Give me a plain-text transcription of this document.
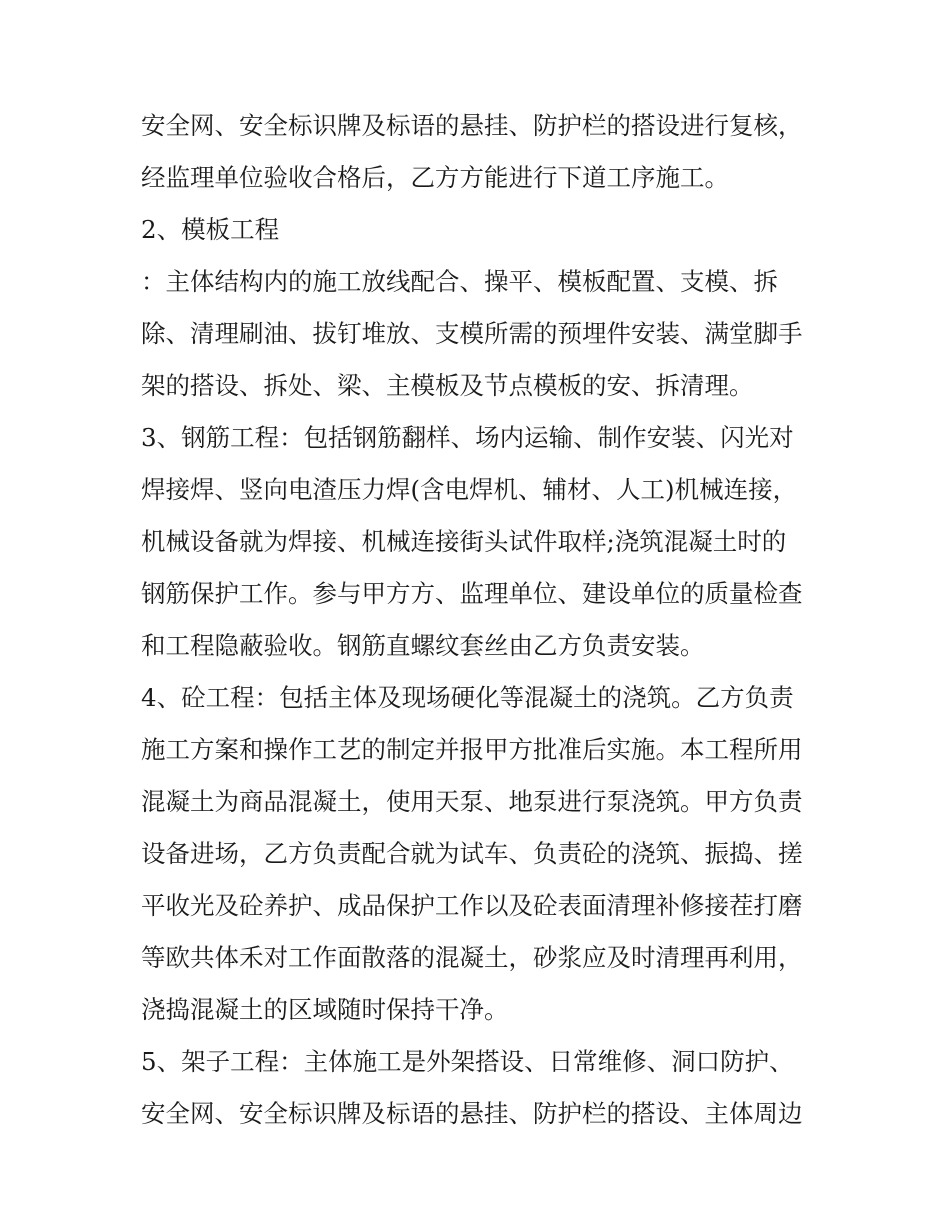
安全网、安全标识牌及标语的悬挂、防护栏的搭设进行复核，
经监理单位验收合格后，乙方方能进行下道工序施工。
2、模板工程
：主体结构内的施工放线配合、操平、模板配置、支模、拆
除、清理刷油、拔钉堆放、支模所需的预埋件安装、满堂脚手
架的搭设、拆处、梁、主模板及节点模板的安、拆清理。
3、钢筋工程：包括钢筋翻样、场内运输、制作安装、闪光对
焊接焊、竖向电渣压力焊(含电焊机、辅材、人工)机械连接，
机械设备就为焊接、机械连接街头试件取样;浇筑混凝土时的
钢筋保护工作。参与甲方方、监理单位、建设单位的质量检查
和工程隐蔽验收。钢筋直螺纹套丝由乙方负责安装。
4、砼工程：包括主体及现场硬化等混凝土的浇筑。乙方负责
施工方案和操作工艺的制定并报甲方批准后实施。本工程所用
混凝土为商品混凝土，使用天泵、地泵进行泵浇筑。甲方负责
设备进场，乙方负责配合就为试车、负责砼的浇筑、振捣、搓
平收光及砼养护、成品保护工作以及砼表面清理补修接茬打磨
等欧共体禾对工作面散落的混凝土，砂浆应及时清理再利用，
浇捣混凝土的区域随时保持干净。
5、架子工程：主体施工是外架搭设、日常维修、洞口防护、
安全网、安全标识牌及标语的悬挂、防护栏的搭设、主体周边
